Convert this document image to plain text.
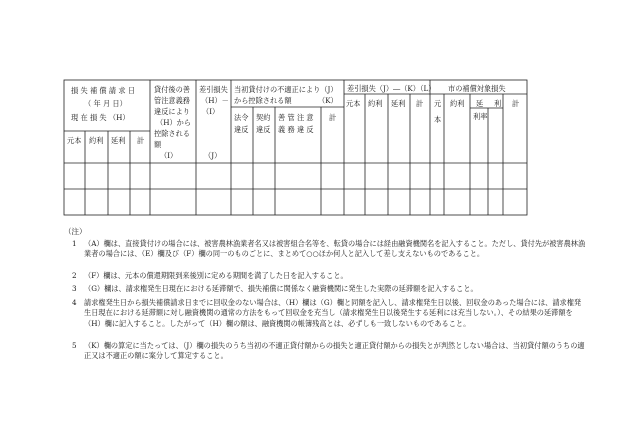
損 失 補 償 請 求 日
（ 年 月 日）
現 在 損 失 （H）
元本 約利 延利 計
貸付後の善
管注意義務
違反により
（H）から
控除される
額
（I）
差引損失
（H）－
（I）
（J）
当初貸付けの不適正により（J）
から控除される額	（K）
法令
違反
契約
違反
善 管 注 意
義 務 違 反
計
差引損失（J）―（K）（L）
元本 約利 延利 計
市の補償対象損失
元
本
約利 延 利
利率
計
（注）
1 （A）欄は、直接貸付けの場合には、被害農林漁業者名又は被害組合名等を、転貸の場合には経由融資機関名を記入すること。ただし、貸付先が被害農林漁業者の場合には、（E）欄及び（F）欄の同一のものごとに、まとめて○○ほか何人と記入して差し支えないものであること。
2 （F）欄は、元本の償還期限到来後別に定める期間を満了した日を記入すること。
3 （G）欄は、請求権発生日現在における延滞額で、損失補償に関係なく融資機関に発生した実際の延滞額を記入すること。
4 請求権発生日から損失補償請求日までに回収金のない場合は、（H）欄は（G）欄と同額を記入し、請求権発生日以後、回収金のあった場合には、請求権発生日現在における延滞額に対し融資機関の通常の方法をもって回収金を充当し（請求権発生日以後発生する延利には充当しない。）、その結果の延滞額を（H）欄に記入すること。したがって（H）欄の額は、融資機関の帳簿残高とは、必ずしも一致しないものであること。
5 （K）欄の算定に当たっては、（J）欄の損失のうち当初の不適正貸付額からの損失と適正貸付額からの損失とが判然としない場合は、当初貸付額のうちの適正又は不適正の額に案分して算定すること。
